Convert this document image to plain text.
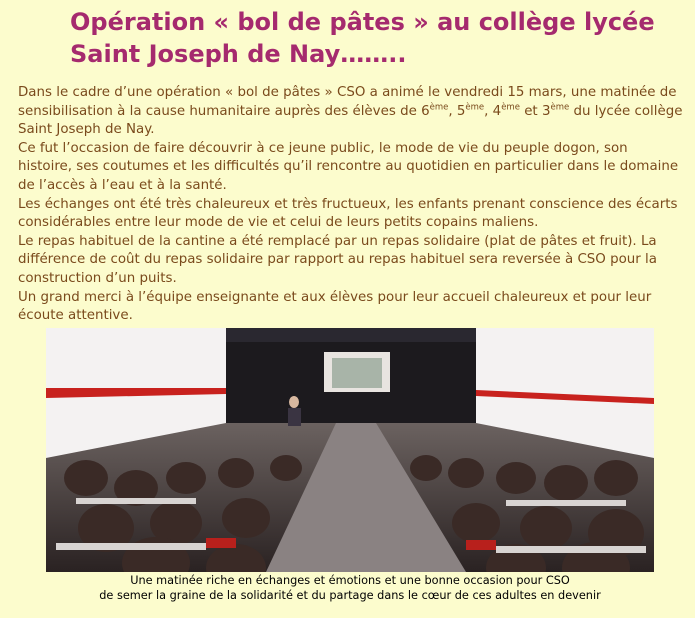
Opération « bol de pâtes » au collège lycée
Saint Joseph de Nay……..

Dans le cadre d’une opération « bol de pâtes » CSO a animé le vendredi 15 mars, une matinée de sensibilisation à la cause humanitaire auprès des élèves de 6ème, 5ème, 4ème et 3ème du lycée collège Saint Joseph de Nay.

Ce fut l’occasion de faire découvrir à ce jeune public, le mode de vie du peuple dogon, son histoire, ses coutumes et les difficultés qu’il rencontre au quotidien en particulier dans le domaine de l’accès à l’eau et à la santé.

Les échanges ont été très chaleureux et très fructueux, les enfants prenant conscience des écarts considérables entre leur mode de vie et celui de leurs petits copains maliens.

Le repas habituel de la cantine a été remplacé par un repas solidaire (plat de pâtes et fruit). La différence de coût du repas solidaire par rapport au repas habituel sera reversée à CSO pour la construction d’un puits.

Un grand merci à l’équipe enseignante et aux élèves pour leur accueil chaleureux et pour leur écoute attentive.

Une matinée riche en échanges et émotions et une bonne occasion pour CSO
de semer la graine de la solidarité et du partage dans le cœur de ces adultes en devenir
